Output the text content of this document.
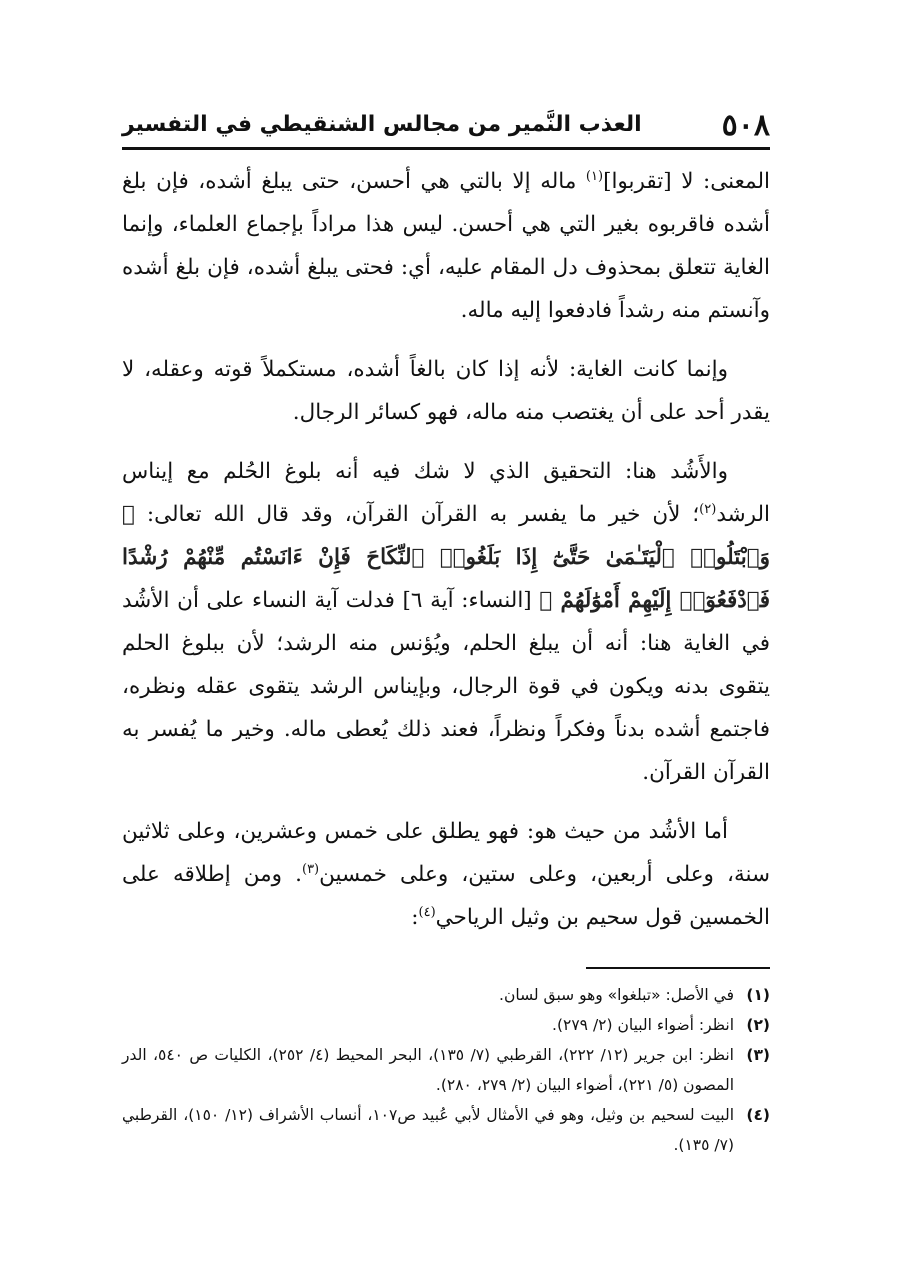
٥٠٨
العذب النَّمير من مجالس الشنقيطي في التفسير

المعنى: لا [تقربوا]$^{(١)}$ ماله إلا بالتي هي أحسن، حتى يبلغ أشده، فإن بلغ أشده فاقربوه بغير التي هي أحسن. ليس هذا مراداً بإجماع العلماء، وإنما الغاية تتعلق بمحذوف دل المقام عليه، أي: فحتى يبلغ أشده، فإن بلغ أشده وآنستم منه رشداً فادفعوا إليه ماله.

وإنما كانت الغاية: لأنه إذا كان بالغاً أشده، مستكملاً قوته وعقله، لا يقدر أحد على أن يغتصب منه ماله، فهو كسائر الرجال.

والأَشُد هنا: التحقيق الذي لا شك فيه أنه بلوغ الحُلم مع إيناس الرشد$^{(٢)}$؛ لأن خير ما يفسر به القرآن القرآن، وقد قال الله تعالى: ﴿ وَٱبْتَلُوا۟ ٱلْيَتَـٰمَىٰ حَتَّىٰٓ إِذَا بَلَغُوا۟ ٱلنِّكَاحَ فَإِنْ ءَانَسْتُم مِّنْهُمْ رُشْدًا فَٱدْفَعُوٓا۟ إِلَيْهِمْ أَمْوَٰلَهُمْ ﴾ [النساء: آية ٦] فدلت آية النساء على أن الأشُد في الغاية هنا: أنه أن يبلغ الحلم، ويُؤنس منه الرشد؛ لأن ببلوغ الحلم يتقوى بدنه ويكون في قوة الرجال، وبإيناس الرشد يتقوى عقله ونظره، فاجتمع أشده بدناً وفكراً ونظراً، فعند ذلك يُعطى ماله. وخير ما يُفسر به القرآن القرآن.

أما الأشُد من حيث هو: فهو يطلق على خمس وعشرين، وعلى ثلاثين سنة، وعلى أربعين، وعلى ستين، وعلى خمسين$^{(٣)}$. ومن إطلاقه على الخمسين قول سحيم بن وثيل الرياحي$^{(٤)}$:

(١)
في الأصل: «تبلغوا» وهو سبق لسان.
(٢)
انظر: أضواء البيان (٢/ ٢٧٩).
(٣)
انظر: ابن جرير (١٢/ ٢٢٢)، القرطبي (٧/ ١٣٥)، البحر المحيط (٤/ ٢٥٢)، الكليات ص ٥٤٠، الدر المصون (٥/ ٢٢١)، أضواء البيان (٢/ ٢٧٩، ٢٨٠).
(٤)
البيت لسحيم بن وثيل، وهو في الأمثال لأبي عُبيد ص١٠٧، أنساب الأشراف (١٢/ ١٥٠)، القرطبي (٧/ ١٣٥).
